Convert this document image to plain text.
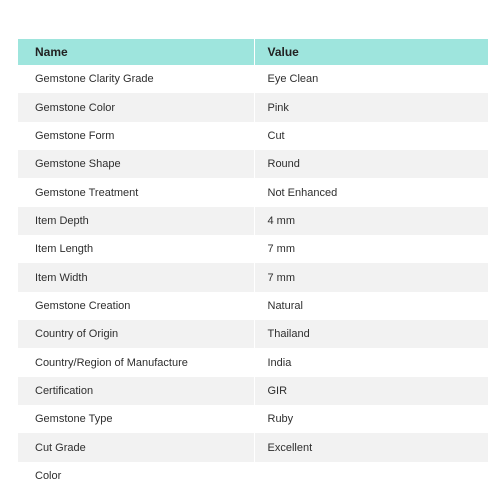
Name	Value
Gemstone Clarity Grade	Eye Clean
Gemstone Color	Pink
Gemstone Form	Cut
Gemstone Shape	Round
Gemstone Treatment	Not Enhanced
Item Depth	4 mm
Item Length	7 mm
Item Width	7 mm
Gemstone Creation	Natural
Country of Origin	Thailand
Country/Region of Manufacture	India
Certification	GIR
Gemstone Type	Ruby
Cut Grade	Excellent
Color	
